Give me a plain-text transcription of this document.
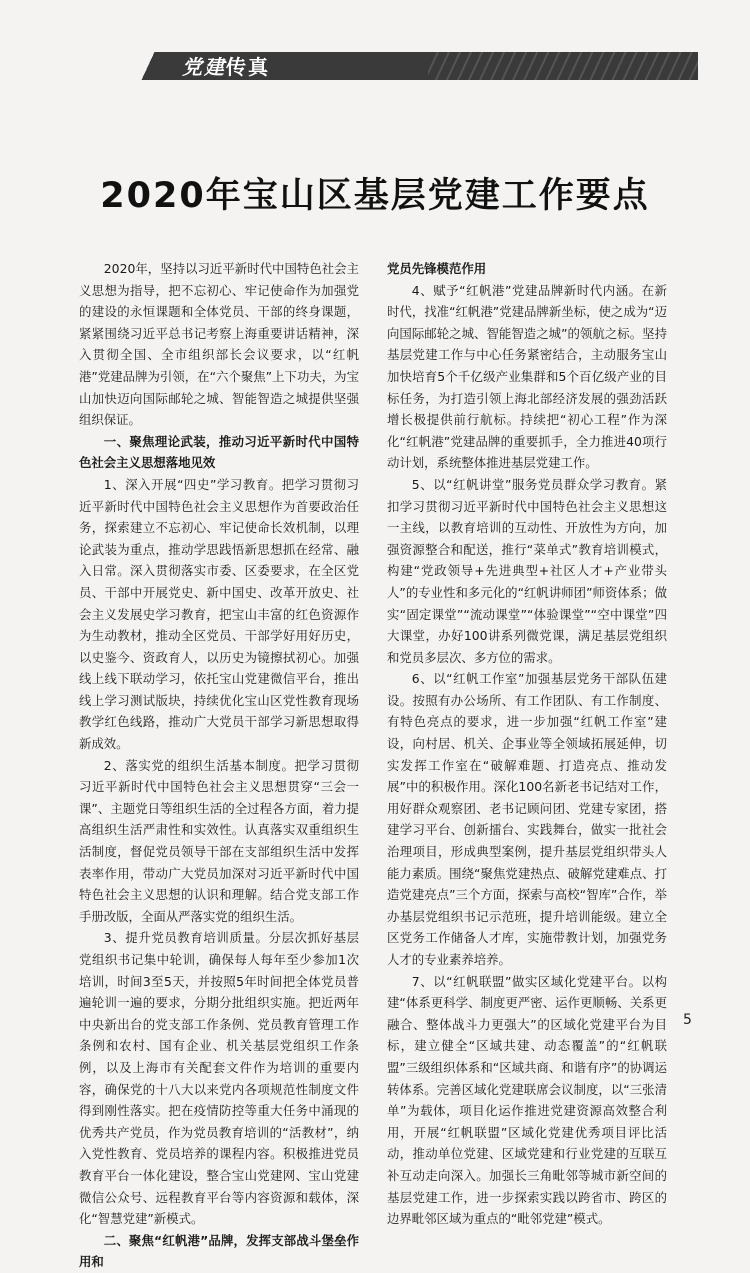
党建传真
2020年宝山区基层党建工作要点

2020年，坚持以习近平新时代中国特色社会主义思想为指导，把不忘初心、牢记使命作为加强党的建设的永恒课题和全体党员、干部的终身课题，紧紧围绕习近平总书记考察上海重要讲话精神，深入贯彻全国、全市组织部长会议要求，以“红帆港”党建品牌为引领，在“六个聚焦”上下功夫，为宝山加快迈向国际邮轮之城、智能智造之城提供坚强组织保证。

一、聚焦理论武装，推动习近平新时代中国特色社会主义思想落地见效

1、深入开展“四史”学习教育。把学习贯彻习近平新时代中国特色社会主义思想作为首要政治任务，探索建立不忘初心、牢记使命长效机制，以理论武装为重点，推动学思践悟新思想抓在经常、融入日常。深入贯彻落实市委、区委要求，在全区党员、干部中开展党史、新中国史、改革开放史、社会主义发展史学习教育，把宝山丰富的红色资源作为生动教材，推动全区党员、干部学好用好历史，以史鉴今、资政育人，以历史为镜擦拭初心。加强线上线下联动学习，依托宝山党建微信平台，推出线上学习测试版块，持续优化宝山区党性教育现场教学红色线路，推动广大党员干部学习新思想取得新成效。

2、落实党的组织生活基本制度。把学习贯彻习近平新时代中国特色社会主义思想贯穿“三会一课”、主题党日等组织生活的全过程各方面，着力提高组织生活严肃性和实效性。认真落实双重组织生活制度，督促党员领导干部在支部组织生活中发挥表率作用，带动广大党员加深对习近平新时代中国特色社会主义思想的认识和理解。结合党支部工作手册改版，全面从严落实党的组织生活。

3、提升党员教育培训质量。分层次抓好基层党组织书记集中轮训，确保每人每年至少参加1次培训，时间3至5天，并按照5年时间把全体党员普遍轮训一遍的要求，分期分批组织实施。把近两年中央新出台的党支部工作条例、党员教育管理工作条例和农村、国有企业、机关基层党组织工作条例，以及上海市有关配套文件作为培训的重要内容，确保党的十八大以来党内各项规范性制度文件得到刚性落实。把在疫情防控等重大任务中涌现的优秀共产党员，作为党员教育培训的“活教材”，纳入党性教育、党员培养的课程内容。积极推进党员教育平台一体化建设，整合宝山党建网、宝山党建微信公众号、远程教育平台等内容资源和载体，深化“智慧党建”新模式。

二、聚焦“红帆港”品牌，发挥支部战斗堡垒作用和

党员先锋模范作用

4、赋予“红帆港”党建品牌新时代内涵。在新时代，找准“红帆港”党建品牌新坐标，使之成为“迈向国际邮轮之城、智能智造之城”的领航之标。坚持基层党建工作与中心任务紧密结合，主动服务宝山加快培育5个千亿级产业集群和5个百亿级产业的目标任务，为打造引领上海北部经济发展的强劲活跃增长极提供前行航标。持续把“初心工程”作为深化“红帆港”党建品牌的重要抓手，全力推进40项行动计划，系统整体推进基层党建工作。

5、以“红帆讲堂”服务党员群众学习教育。紧扣学习贯彻习近平新时代中国特色社会主义思想这一主线，以教育培训的互动性、开放性为方向，加强资源整合和配送，推行“菜单式”教育培训模式，构建“党政领导+先进典型+社区人才+产业带头人”的专业性和多元化的“红帆讲师团”师资体系；做实“固定课堂”“流动课堂”“体验课堂”“空中课堂”四大课堂，办好100讲系列微党课，满足基层党组织和党员多层次、多方位的需求。

6、以“红帆工作室”加强基层党务干部队伍建设。按照有办公场所、有工作团队、有工作制度、有特色亮点的要求，进一步加强“红帆工作室”建设，向村居、机关、企事业等全领域拓展延伸，切实发挥工作室在“破解难题、打造亮点、推动发展”中的积极作用。深化100名新老书记结对工作，用好群众观察团、老书记顾问团、党建专家团，搭建学习平台、创新擂台、实践舞台，做实一批社会治理项目，形成典型案例，提升基层党组织带头人能力素质。围绕“聚焦党建热点、破解党建难点、打造党建亮点”三个方面，探索与高校“智库”合作，举办基层党组织书记示范班，提升培训能级。建立全区党务工作储备人才库，实施带教计划，加强党务人才的专业素养培养。

7、以“红帆联盟”做实区域化党建平台。以构建“体系更科学、制度更严密、运作更顺畅、关系更融合、整体战斗力更强大”的区域化党建平台为目标，建立健全“区域共建、动态覆盖”的“红帆联盟”三级组织体系和“区域共商、和谐有序”的协调运转体系。完善区域化党建联席会议制度，以“三张清单”为载体，项目化运作推进党建资源高效整合利用，开展“红帆联盟”区域化党建优秀项目评比活动，推动单位党建、区域党建和行业党建的互联互补互动走向深入。加强长三角毗邻等城市新空间的基层党建工作，进一步探索实践以跨省市、跨区的边界毗邻区域为重点的“毗邻党建”模式。

5
